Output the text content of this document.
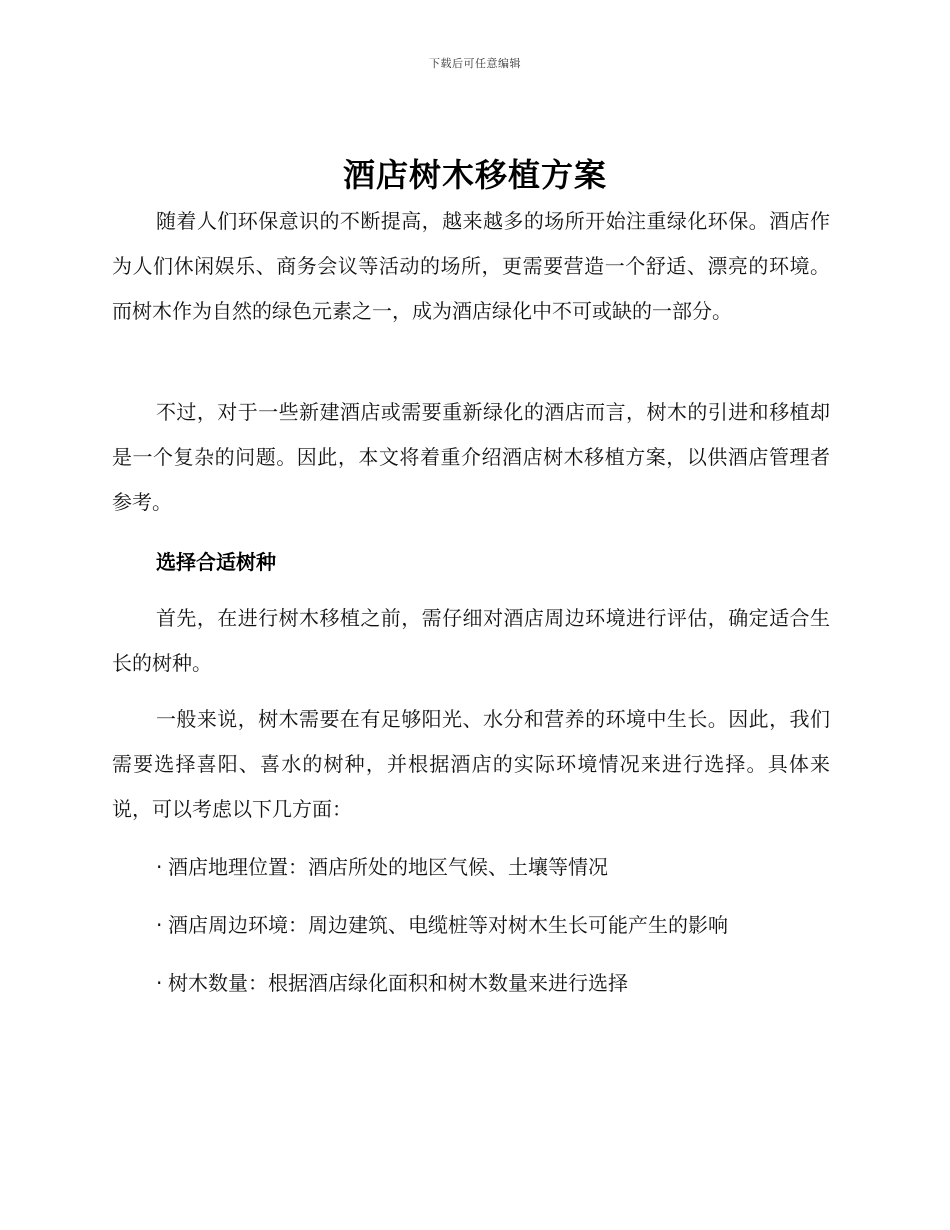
下载后可任意编辑
酒店树木移植方案

随着人们环保意识的不断提高，越来越多的场所开始注重绿化环保。酒店作为人们休闲娱乐、商务会议等活动的场所，更需要营造一个舒适、漂亮的环境。而树木作为自然的绿色元素之一，成为酒店绿化中不可或缺的一部分。

不过，对于一些新建酒店或需要重新绿化的酒店而言，树木的引进和移植却是一个复杂的问题。因此，本文将着重介绍酒店树木移植方案，以供酒店管理者参考。

选择合适树种

首先，在进行树木移植之前，需仔细对酒店周边环境进行评估，确定适合生长的树种。

一般来说，树木需要在有足够阳光、水分和营养的环境中生长。因此，我们需要选择喜阳、喜水的树种，并根据酒店的实际环境情况来进行选择。具体来说，可以考虑以下几方面：

· 酒店地理位置：酒店所处的地区气候、土壤等情况
· 酒店周边环境：周边建筑、电缆桩等对树木生长可能产生的影响
· 树木数量：根据酒店绿化面积和树木数量来进行选择
